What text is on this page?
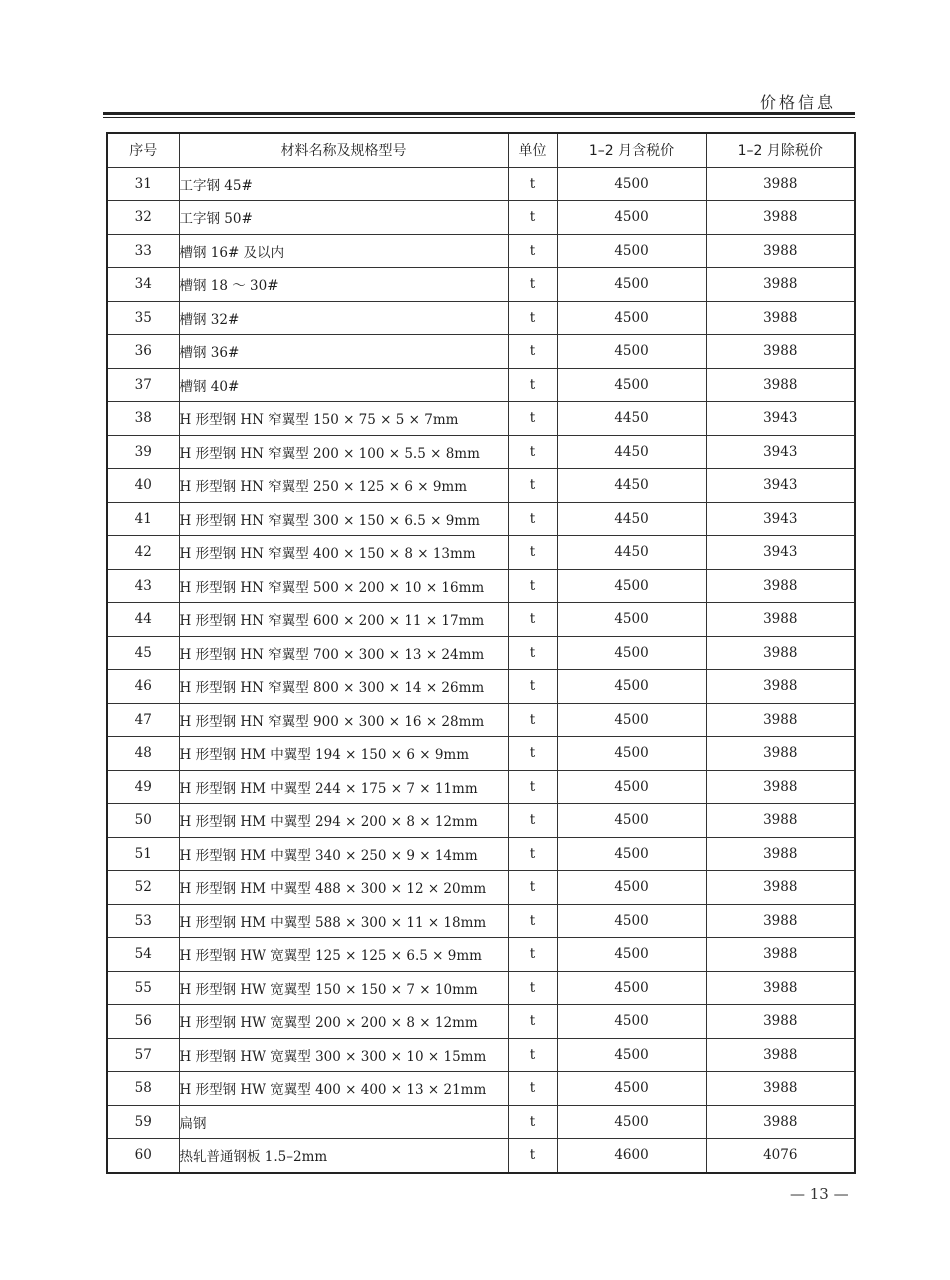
价格信息
序号	材料名称及规格型号	单位	1–2 月含税价	1–2 月除税价
31	工字钢 45#	t	4500	3988
32	工字钢 50#	t	4500	3988
33	槽钢 16# 及以内	t	4500	3988
34	槽钢 18 ～ 30#	t	4500	3988
35	槽钢 32#	t	4500	3988
36	槽钢 36#	t	4500	3988
37	槽钢 40#	t	4500	3988
38	H 形型钢 HN 窄翼型 150 × 75 × 5 × 7mm	t	4450	3943
39	H 形型钢 HN 窄翼型 200 × 100 × 5.5 × 8mm	t	4450	3943
40	H 形型钢 HN 窄翼型 250 × 125 × 6 × 9mm	t	4450	3943
41	H 形型钢 HN 窄翼型 300 × 150 × 6.5 × 9mm	t	4450	3943
42	H 形型钢 HN 窄翼型 400 × 150 × 8 × 13mm	t	4450	3943
43	H 形型钢 HN 窄翼型 500 × 200 × 10 × 16mm	t	4500	3988
44	H 形型钢 HN 窄翼型 600 × 200 × 11 × 17mm	t	4500	3988
45	H 形型钢 HN 窄翼型 700 × 300 × 13 × 24mm	t	4500	3988
46	H 形型钢 HN 窄翼型 800 × 300 × 14 × 26mm	t	4500	3988
47	H 形型钢 HN 窄翼型 900 × 300 × 16 × 28mm	t	4500	3988
48	H 形型钢 HM 中翼型 194 × 150 × 6 × 9mm	t	4500	3988
49	H 形型钢 HM 中翼型 244 × 175 × 7 × 11mm	t	4500	3988
50	H 形型钢 HM 中翼型 294 × 200 × 8 × 12mm	t	4500	3988
51	H 形型钢 HM 中翼型 340 × 250 × 9 × 14mm	t	4500	3988
52	H 形型钢 HM 中翼型 488 × 300 × 12 × 20mm	t	4500	3988
53	H 形型钢 HM 中翼型 588 × 300 × 11 × 18mm	t	4500	3988
54	H 形型钢 HW 宽翼型 125 × 125 × 6.5 × 9mm	t	4500	3988
55	H 形型钢 HW 宽翼型 150 × 150 × 7 × 10mm	t	4500	3988
56	H 形型钢 HW 宽翼型 200 × 200 × 8 × 12mm	t	4500	3988
57	H 形型钢 HW 宽翼型 300 × 300 × 10 × 15mm	t	4500	3988
58	H 形型钢 HW 宽翼型 400 × 400 × 13 × 21mm	t	4500	3988
59	扁钢	t	4500	3988
60	热轧普通钢板 1.5–2mm	t	4600	4076
— 13 —
